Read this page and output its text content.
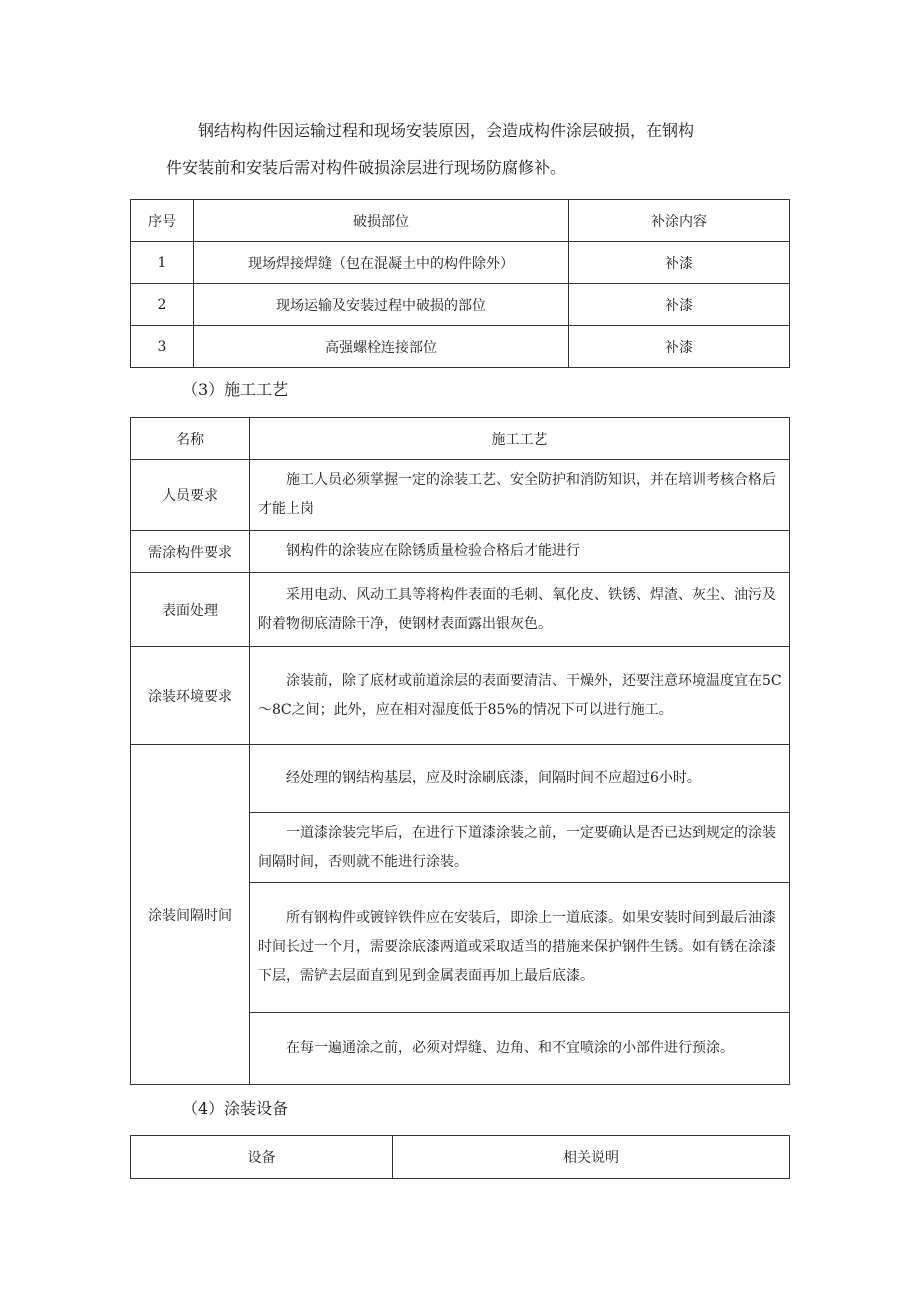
钢结构构件因运输过程和现场安装原因，会造成构件涂层破损，在钢构
件安装前和安装后需对构件破损涂层进行现场防腐修补。

序号	破损部位	补涂内容
1	现场焊接焊缝（包在混凝土中的构件除外）	补漆
2	现场运输及安装过程中破损的部位	补漆
3	高强螺栓连接部位	补漆

（3）施工工艺

名称	施工工艺
人员要求	施工人员必须掌握一定的涂装工艺、安全防护和消防知识，并在培训考核合格后才能上岗
需涂构件要求	钢构件的涂装应在除锈质量检验合格后才能进行
表面处理	采用电动、风动工具等将构件表面的毛刺、氧化皮、铁锈、焊渣、灰尘、油污及附着物彻底清除干净，使钢材表面露出银灰色。
涂装环境要求	涂装前，除了底材或前道涂层的表面要清洁、干燥外，还要注意环境温度宜在5C～8C之间；此外，应在相对湿度低于85%的情况下可以进行施工。
涂装间隔时间	经处理的钢结构基层，应及时涂刷底漆，间隔时间不应超过6小时。
一道漆涂装完毕后，在进行下道漆涂装之前，一定要确认是否已达到规定的涂装间隔时间，否则就不能进行涂装。
所有钢构件或镀锌铁件应在安装后，即涂上一道底漆。如果安装时间到最后油漆时间长过一个月，需要涂底漆两道或采取适当的措施来保护钢件生锈。如有锈在涂漆下层，需铲去层面直到见到金属表面再加上最后底漆。
在每一遍通涂之前，必须对焊缝、边角、和不宜喷涂的小部件进行预涂。

（4）涂装设备

设备	相关说明
